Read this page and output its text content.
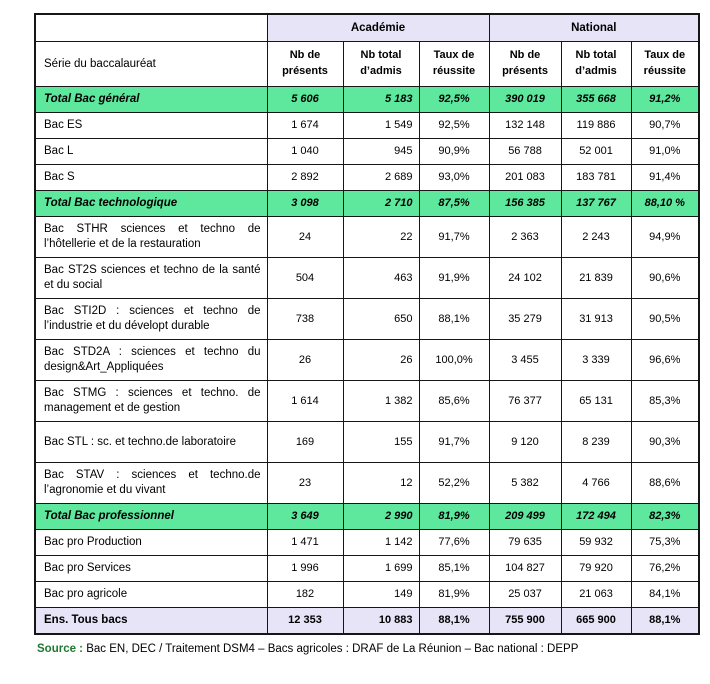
	Académie			National		
Série du baccalauréat	Nb de présents	Nb total d’admis	Taux de réussite	Nb de présents	Nb total d’admis	Taux de réussite
Total Bac général	5 606	5 183	92,5%	390 019	355 668	91,2%
Bac ES	1 674	1 549	92,5%	132 148	119 886	90,7%
Bac L	1 040	945	90,9%	56 788	52 001	91,0%
Bac S	2 892	2 689	93,0%	201 083	183 781	91,4%
Total Bac technologique	3 098	2 710	87,5%	156 385	137 767	88,10 %
Bac STHR sciences et techno de l’hôtellerie et de la restauration	24	22	91,7%	2 363	2 243	94,9%
Bac ST2S sciences et techno de la santé et du social	504	463	91,9%	24 102	21 839	90,6%
Bac STI2D : sciences et techno de l’industrie et du dévelopt durable	738	650	88,1%	35 279	31 913	90,5%
Bac STD2A : sciences et techno du design&Art_Appliquées	26	26	100,0%	3 455	3 339	96,6%
Bac STMG : sciences et techno. de management et de gestion	1 614	1 382	85,6%	76 377	65 131	85,3%
Bac STL : sc. et techno.de laboratoire	169	155	91,7%	9 120	8 239	90,3%
Bac STAV : sciences et techno.de l’agronomie et du vivant	23	12	52,2%	5 382	4 766	88,6%
Total Bac professionnel	3 649	2 990	81,9%	209 499	172 494	82,3%
Bac pro Production	1 471	1 142	77,6%	79 635	59 932	75,3%
Bac pro Services	1 996	1 699	85,1%	104 827	79 920	76,2%
Bac pro agricole	182	149	81,9%	25 037	21 063	84,1%
Ens. Tous bacs	12 353	10 883	88,1%	755 900	665 900	88,1%

Source : Bac EN, DEC / Traitement DSM4 – Bacs agricoles : DRAF de La Réunion – Bac national : DEPP
